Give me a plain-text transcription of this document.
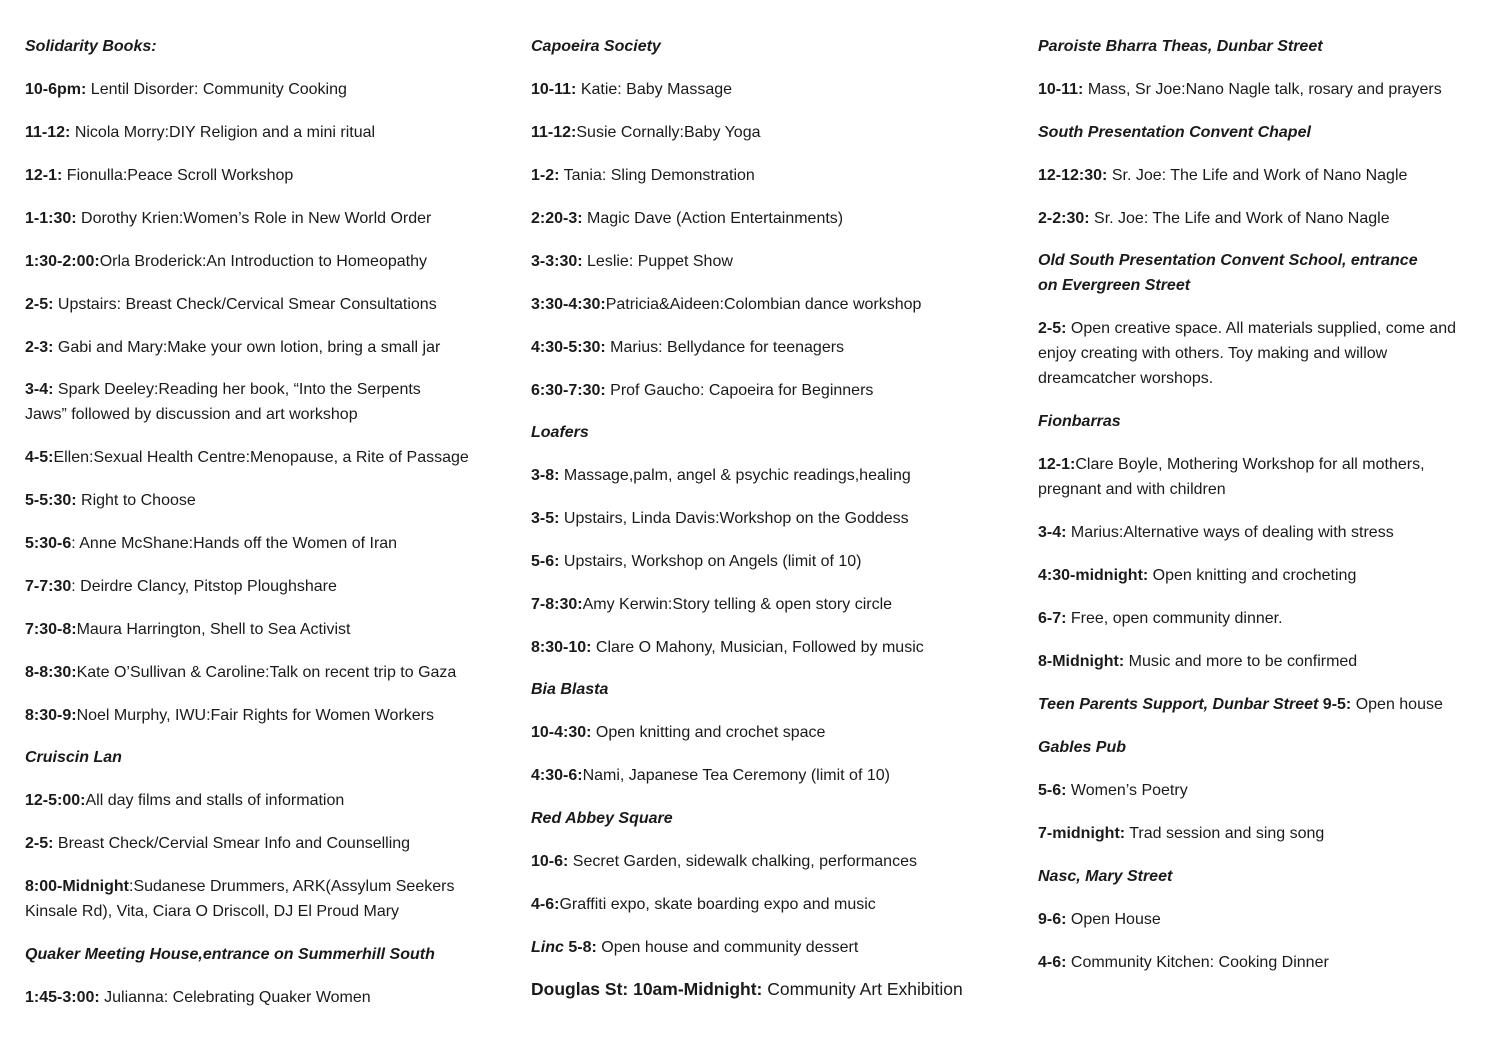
Solidarity Books:
10-6pm: Lentil Disorder: Community Cooking
11-12: Nicola Morry:DIY Religion and a mini ritual
12-1: Fionulla:Peace Scroll Workshop
1-1:30: Dorothy Krien:Women’s Role in New World Order
1:30-2:00:Orla Broderick:An Introduction to Homeopathy
2-5: Upstairs: Breast Check/Cervical Smear Consultations
2-3: Gabi and Mary:Make your own lotion, bring a small jar
3-4: Spark Deeley:Reading her book, “Into the Serpents Jaws” followed by discussion and art workshop
4-5:Ellen:Sexual Health Centre:Menopause, a Rite of Passage
5-5:30: Right to Choose
5:30-6: Anne McShane:Hands off the Women of Iran
7-7:30: Deirdre Clancy, Pitstop Ploughshare
7:30-8:Maura Harrington, Shell to Sea Activist
8-8:30:Kate O’Sullivan & Caroline:Talk on recent trip to Gaza
8:30-9:Noel Murphy, IWU:Fair Rights for Women Workers
Cruiscin Lan
12-5:00:All day films and stalls of information
2-5: Breast Check/Cervial Smear Info and Counselling
8:00-Midnight:Sudanese Drummers, ARK(Assylum Seekers Kinsale Rd), Vita, Ciara O Driscoll, DJ El Proud Mary
Quaker Meeting House,entrance on Summerhill South
1:45-3:00: Julianna: Celebrating Quaker Women
Capoeira Society
10-11: Katie: Baby Massage
11-12:Susie Cornally:Baby Yoga
1-2: Tania: Sling Demonstration
2:20-3: Magic Dave (Action Entertainments)
3-3:30: Leslie: Puppet Show
3:30-4:30:Patricia&Aideen:Colombian dance workshop
4:30-5:30: Marius: Bellydance for teenagers
6:30-7:30: Prof Gaucho: Capoeira for Beginners
Loafers
3-8: Massage,palm, angel & psychic readings,healing
3-5: Upstairs, Linda Davis:Workshop on the Goddess
5-6: Upstairs, Workshop on Angels (limit of 10)
7-8:30:Amy Kerwin:Story telling & open story circle
8:30-10: Clare O Mahony, Musician, Followed by music
Bia Blasta
10-4:30: Open knitting and crochet space
4:30-6:Nami, Japanese Tea Ceremony (limit of 10)
Red Abbey Square
10-6: Secret Garden, sidewalk chalking, performances
4-6:Graffiti expo, skate boarding expo and music
Linc 5-8: Open house and community dessert
Douglas St: 10am-Midnight: Community Art Exhibition
Paroiste Bharra Theas, Dunbar Street
10-11: Mass, Sr Joe:Nano Nagle talk, rosary and prayers
South Presentation Convent Chapel
12-12:30: Sr. Joe: The Life and Work of Nano Nagle
2-2:30: Sr. Joe: The Life and Work of Nano Nagle
Old South Presentation Convent School, entrance on Evergreen Street
2-5: Open creative space. All materials supplied, come and enjoy creating with others. Toy making and willow dreamcatcher worshops.
Fionbarras
12-1:Clare Boyle, Mothering Workshop for all mothers, pregnant and with children
3-4: Marius:Alternative ways of dealing with stress
4:30-midnight: Open knitting and crocheting
6-7: Free, open community dinner.
8-Midnight: Music and more to be confirmed
Teen Parents Support, Dunbar Street 9-5: Open house
Gables Pub
5-6: Women’s Poetry
7-midnight: Trad session and sing song
Nasc, Mary Street
9-6: Open House
4-6: Community Kitchen: Cooking Dinner
